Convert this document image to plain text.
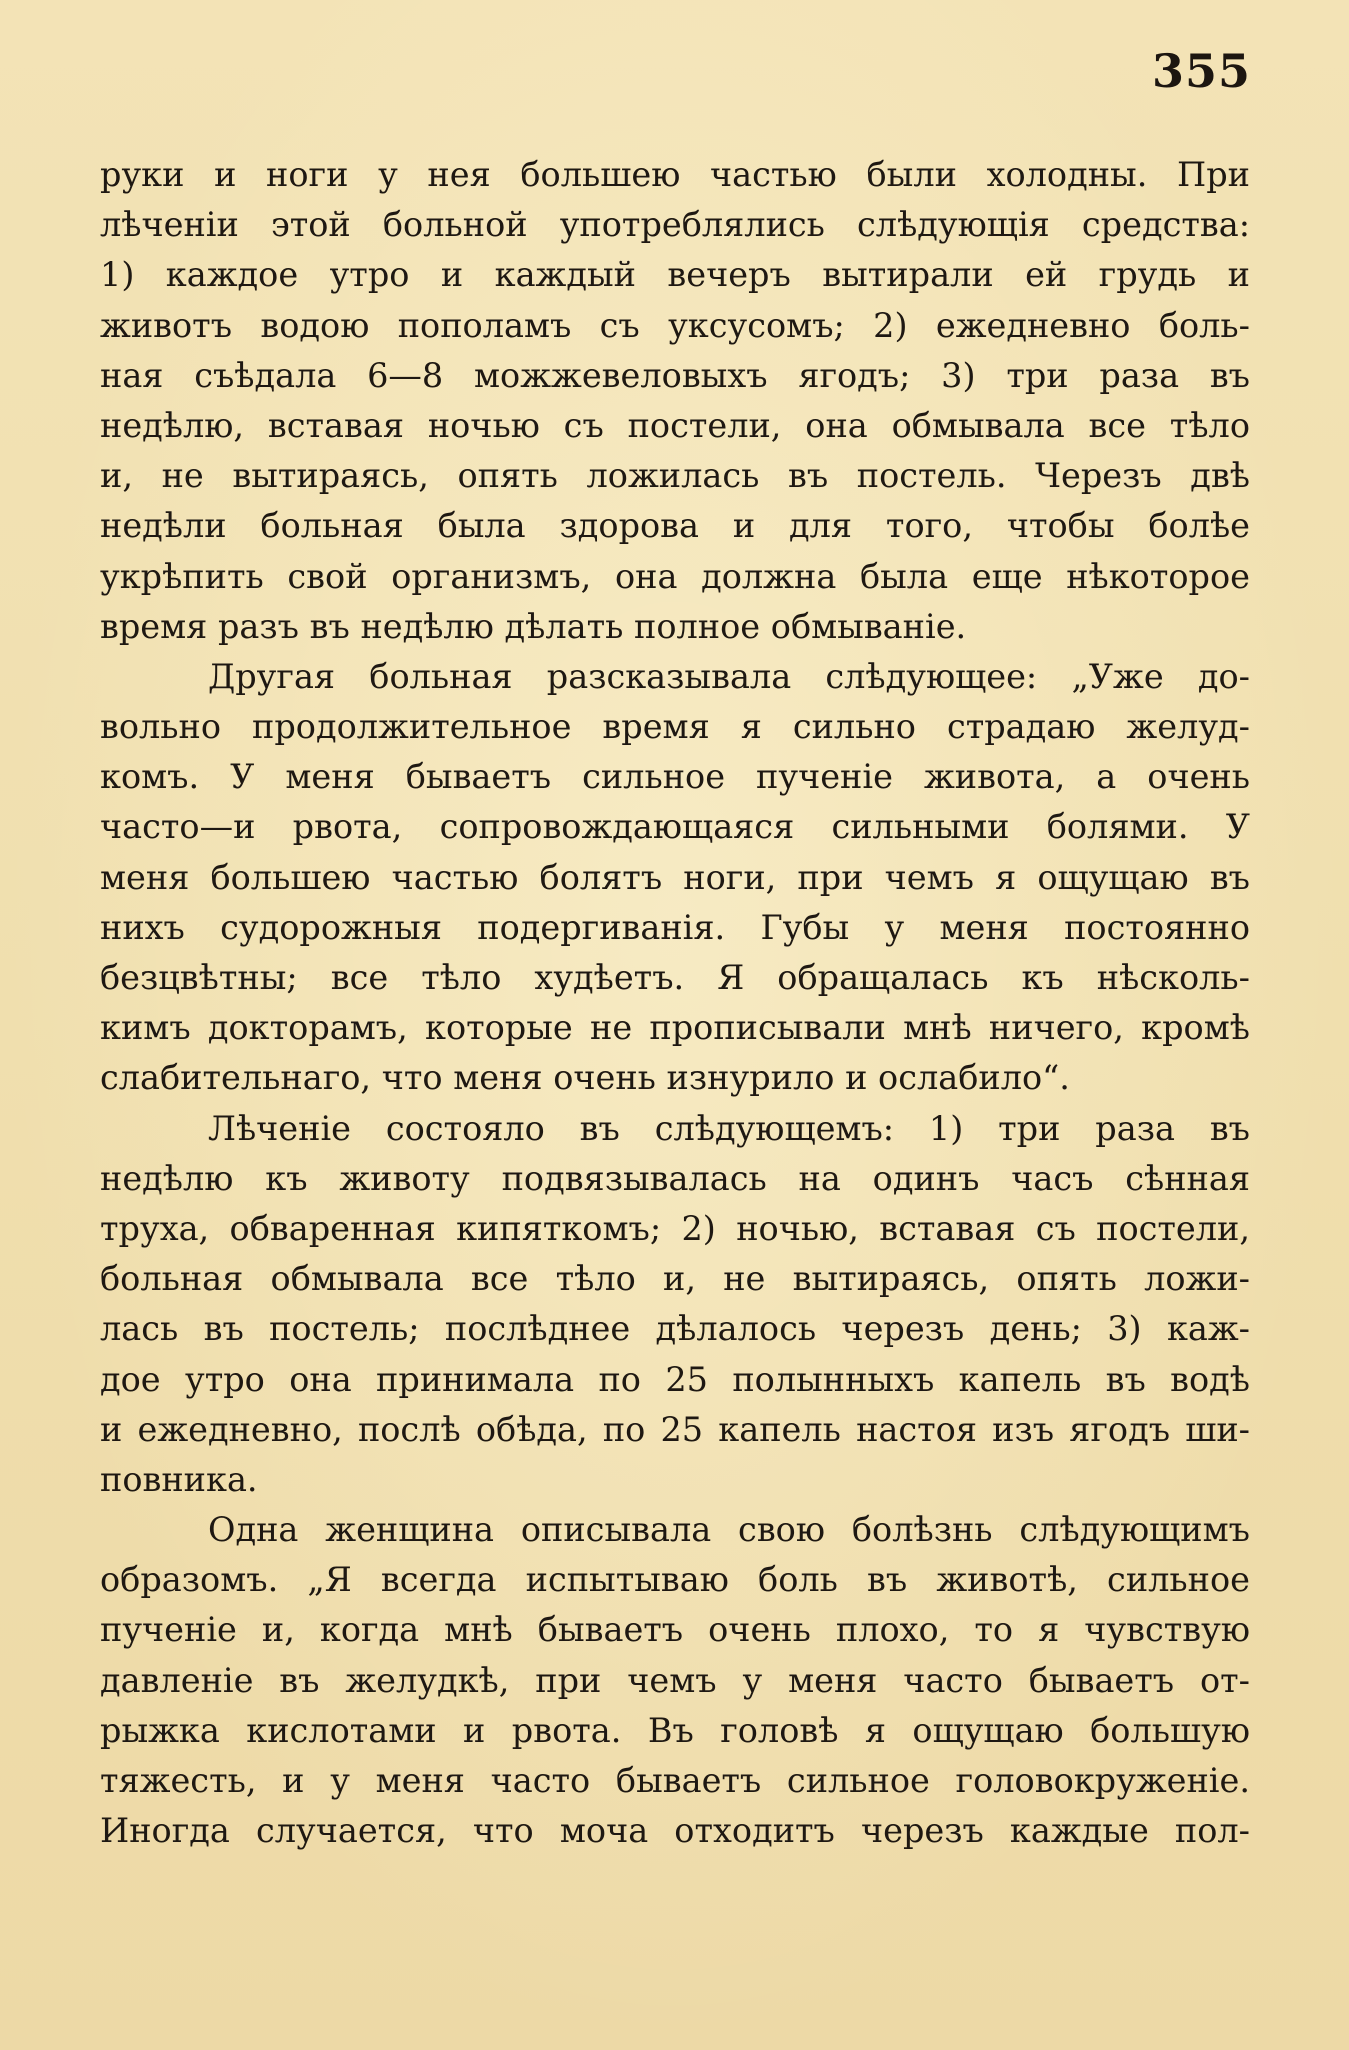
355
руки и ноги у нея большею частью были холодны. При
лѣченіи этой больной употреблялись слѣдующія средства:
1) каждое утро и каждый вечеръ вытирали ей грудь и
животъ водою пополамъ съ уксусомъ; 2) ежедневно боль-
ная съѣдала 6—8 можжевеловыхъ ягодъ; 3) три раза въ
недѣлю, вставая ночью съ постели, она обмывала все тѣло
и, не вытираясь, опять ложилась въ постель. Черезъ двѣ
недѣли больная была здорова и для того, чтобы болѣе
укрѣпить свой организмъ, она должна была еще нѣкоторое
время разъ въ недѣлю дѣлать полное обмываніе.
Другая больная разсказывала слѣдующее: „Уже до-
вольно продолжительное время я сильно страдаю желуд-
комъ. У меня бываетъ сильное пученіе живота, а очень
часто—и рвота, сопровождающаяся сильными болями. У
меня большею частью болятъ ноги, при чемъ я ощущаю въ
нихъ судорожныя подергиванія. Губы у меня постоянно
безцвѣтны; все тѣло худѣетъ. Я обращалась къ нѣсколь-
кимъ докторамъ, которые не прописывали мнѣ ничего, кромѣ
слабительнаго, что меня очень изнурило и ослабило“.
Лѣченіе состояло въ слѣдующемъ: 1) три раза въ
недѣлю къ животу подвязывалась на одинъ часъ сѣнная
труха, обваренная кипяткомъ; 2) ночью, вставая съ постели,
больная обмывала все тѣло и, не вытираясь, опять ложи-
лась въ постель; послѣднее дѣлалось черезъ день; 3) каж-
дое утро она принимала по 25 полынныхъ капель въ водѣ
и ежедневно, послѣ обѣда, по 25 капель настоя изъ ягодъ ши-
повника.
Одна женщина описывала свою болѣзнь слѣдующимъ
образомъ. „Я всегда испытываю боль въ животѣ, сильное
пученіе и, когда мнѣ бываетъ очень плохо, то я чувствую
давленіе въ желудкѣ, при чемъ у меня часто бываетъ от-
рыжка кислотами и рвота. Въ головѣ я ощущаю большую
тяжесть, и у меня часто бываетъ сильное головокруженіе.
Иногда случается, что моча отходитъ черезъ каждые пол-
